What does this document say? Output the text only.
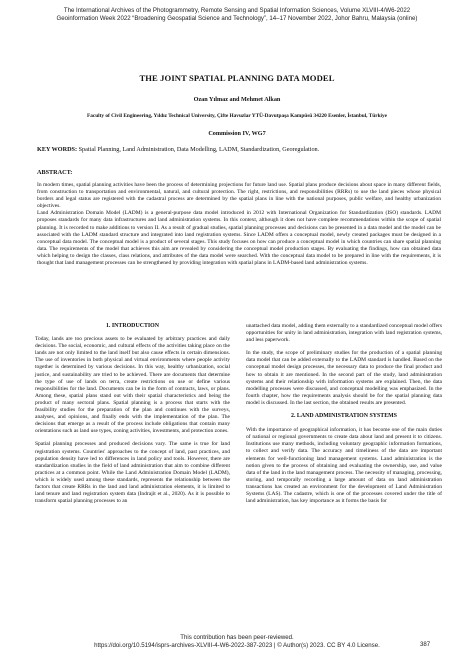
The International Archives of the Photogrammetry, Remote Sensing and Spatial Information Sciences, Volume XLVIII-4/W6-2022
Geoinformation Week 2022 “Broadening Geospatial Science and Technology”, 14–17 November 2022, Johor Bahru, Malaysia (online)
THE JOINT SPATIAL PLANNING DATA MODEL
Ozan Yılmaz and Mehmet Alkan
Faculty of Civil Engineering, Yıldız Technical University, Çifte Havuzlar YTÜ-Davutpaşa Kampüsü 34220 Esenler, İstanbul, Türkiye
Commission IV, WG7
KEY WORDS: Spatial Planning, Land Administration, Data Modelling, LADM, Standardization, Georegulation.
ABSTRACT:

In modern times, spatial planning activities have been the process of determining projections for future land use. Spatial plans produce decisions about space in many different fields, from construction to transportation and environmental, natural, and cultural protection. The right, restrictions, and responsibilities (RRRs) to use the land pieces whose physical borders and legal status are registered with the cadastral process are determined by the spatial plans in line with the national purposes, public welfare, and healthy urbanization objectives.

Land Administration Domain Model (LADM) is a general-purpose data model introduced in 2012 with International Organization for Standardization (ISO) standards. LADM proposes standards for many data infrastructures and land administration systems. In this context, although it does not have complete recommendations within the scope of spatial planning. It is recorded to make additions to version II. As a result of gradual studies, spatial planning processes and decisions can be presented in a data model and the model can be associated with the LADM standard structure and integrated into land registration systems. Since LADM offers a conceptual model, newly created packages must be designed in a conceptual data model. The conceptual model is a product of several stages. This study focuses on how can produce a conceptual model in which countries can share spatial planning data. The requirements of the model that achieves this aim are revealed by considering the conceptual model production stages. By evaluating the findings, how can obtained data which helping to design the classes, class relations, and attributes of the data model were searched. With the conceptual data model to be prepared in line with the requirements, it is thought that land management processes can be strengthened by providing integration with spatial plans in LADM-based land administration systems.

1. INTRODUCTION

Today, lands are too precious assets to be evaluated by arbitrary practices and daily decisions. The social, economic, and cultural effects of the activities taking place on the lands are not only limited to the land itself but also cause effects in certain dimensions. The use of inventories in both physical and virtual environments where people activity together is determined by various decisions. In this way, healthy urbanization, social justice, and sustainability are tried to be achieved. There are documents that determine the type of use of lands on terra, create restrictions on use or define various responsibilities for the land. Documents can be in the form of contracts, laws, or plans. Among these, spatial plans stand out with their spatial characteristics and being the product of many sectoral plans. Spatial planning is a process that starts with the feasibility studies for the preparation of the plan and continues with the surveys, analyses, and opinions, and finally ends with the implementation of the plan. The decisions that emerge as a result of the process include obligations that contain many orientations such as land use types, zoning activities, investments, and protection zones.

Spatial planning processes and produced decisions vary. The same is true for land registration systems. Countries' approaches to the concept of land, past practices, and population density have led to differences in land policy and tools. However, there are standardization studies in the field of land administration that aim to combine different practices at a common point. While the Land Administration Domain Model (LADM), which is widely used among these standards, represents the relationship between the factors that create RRRs in the land and land administration elements, it is limited to land tenure and land registration system data (Indrajit et al., 2020). As it is possible to transform spatial planning processes to an

unattached data model, adding them externally to a standardized conceptual model offers opportunities for unity in land administration, integration with land registration systems, and less paperwork.

In the study, the scope of preliminary studies for the production of a spatial planning data model that can be added externally to the LADM standard is handled. Based on the conceptual model design processes, the necessary data to produce the final product and how to obtain it are mentioned. In the second part of the study, land administration systems and their relationship with information systems are explained. Then, the data modelling processes were discussed, and conceptual modelling was emphasized. In the fourth chapter, how the requirements analysis should be for the spatial planning data model is discussed. In the last section, the obtained results are presented.

2. LAND ADMINISTRATION SYSTEMS

With the importance of geographical information, it has become one of the main duties of national or regional governments to create data about land and present it to citizens. Institutions use many methods, including voluntary geographic information formations, to collect and verify data. The accuracy and timeliness of the data are important elements for well-functioning land management systems. Land administration is the notion given to the process of obtaining and evaluating the ownership, use, and value data of the land in the land management process. The necessity of managing, processing, storing, and temporally recording a large amount of data on land administration transactions has created an environment for the development of Land Administration Systems (LAS). The cadastre, which is one of the processes covered under the title of land administration, has key importance as it forms the basis for

This contribution has been peer-reviewed.
https://doi.org/10.5194/isprs-archives-XLVIII-4-W6-2022-387-2023 | © Author(s) 2023. CC BY 4.0 License.	387
